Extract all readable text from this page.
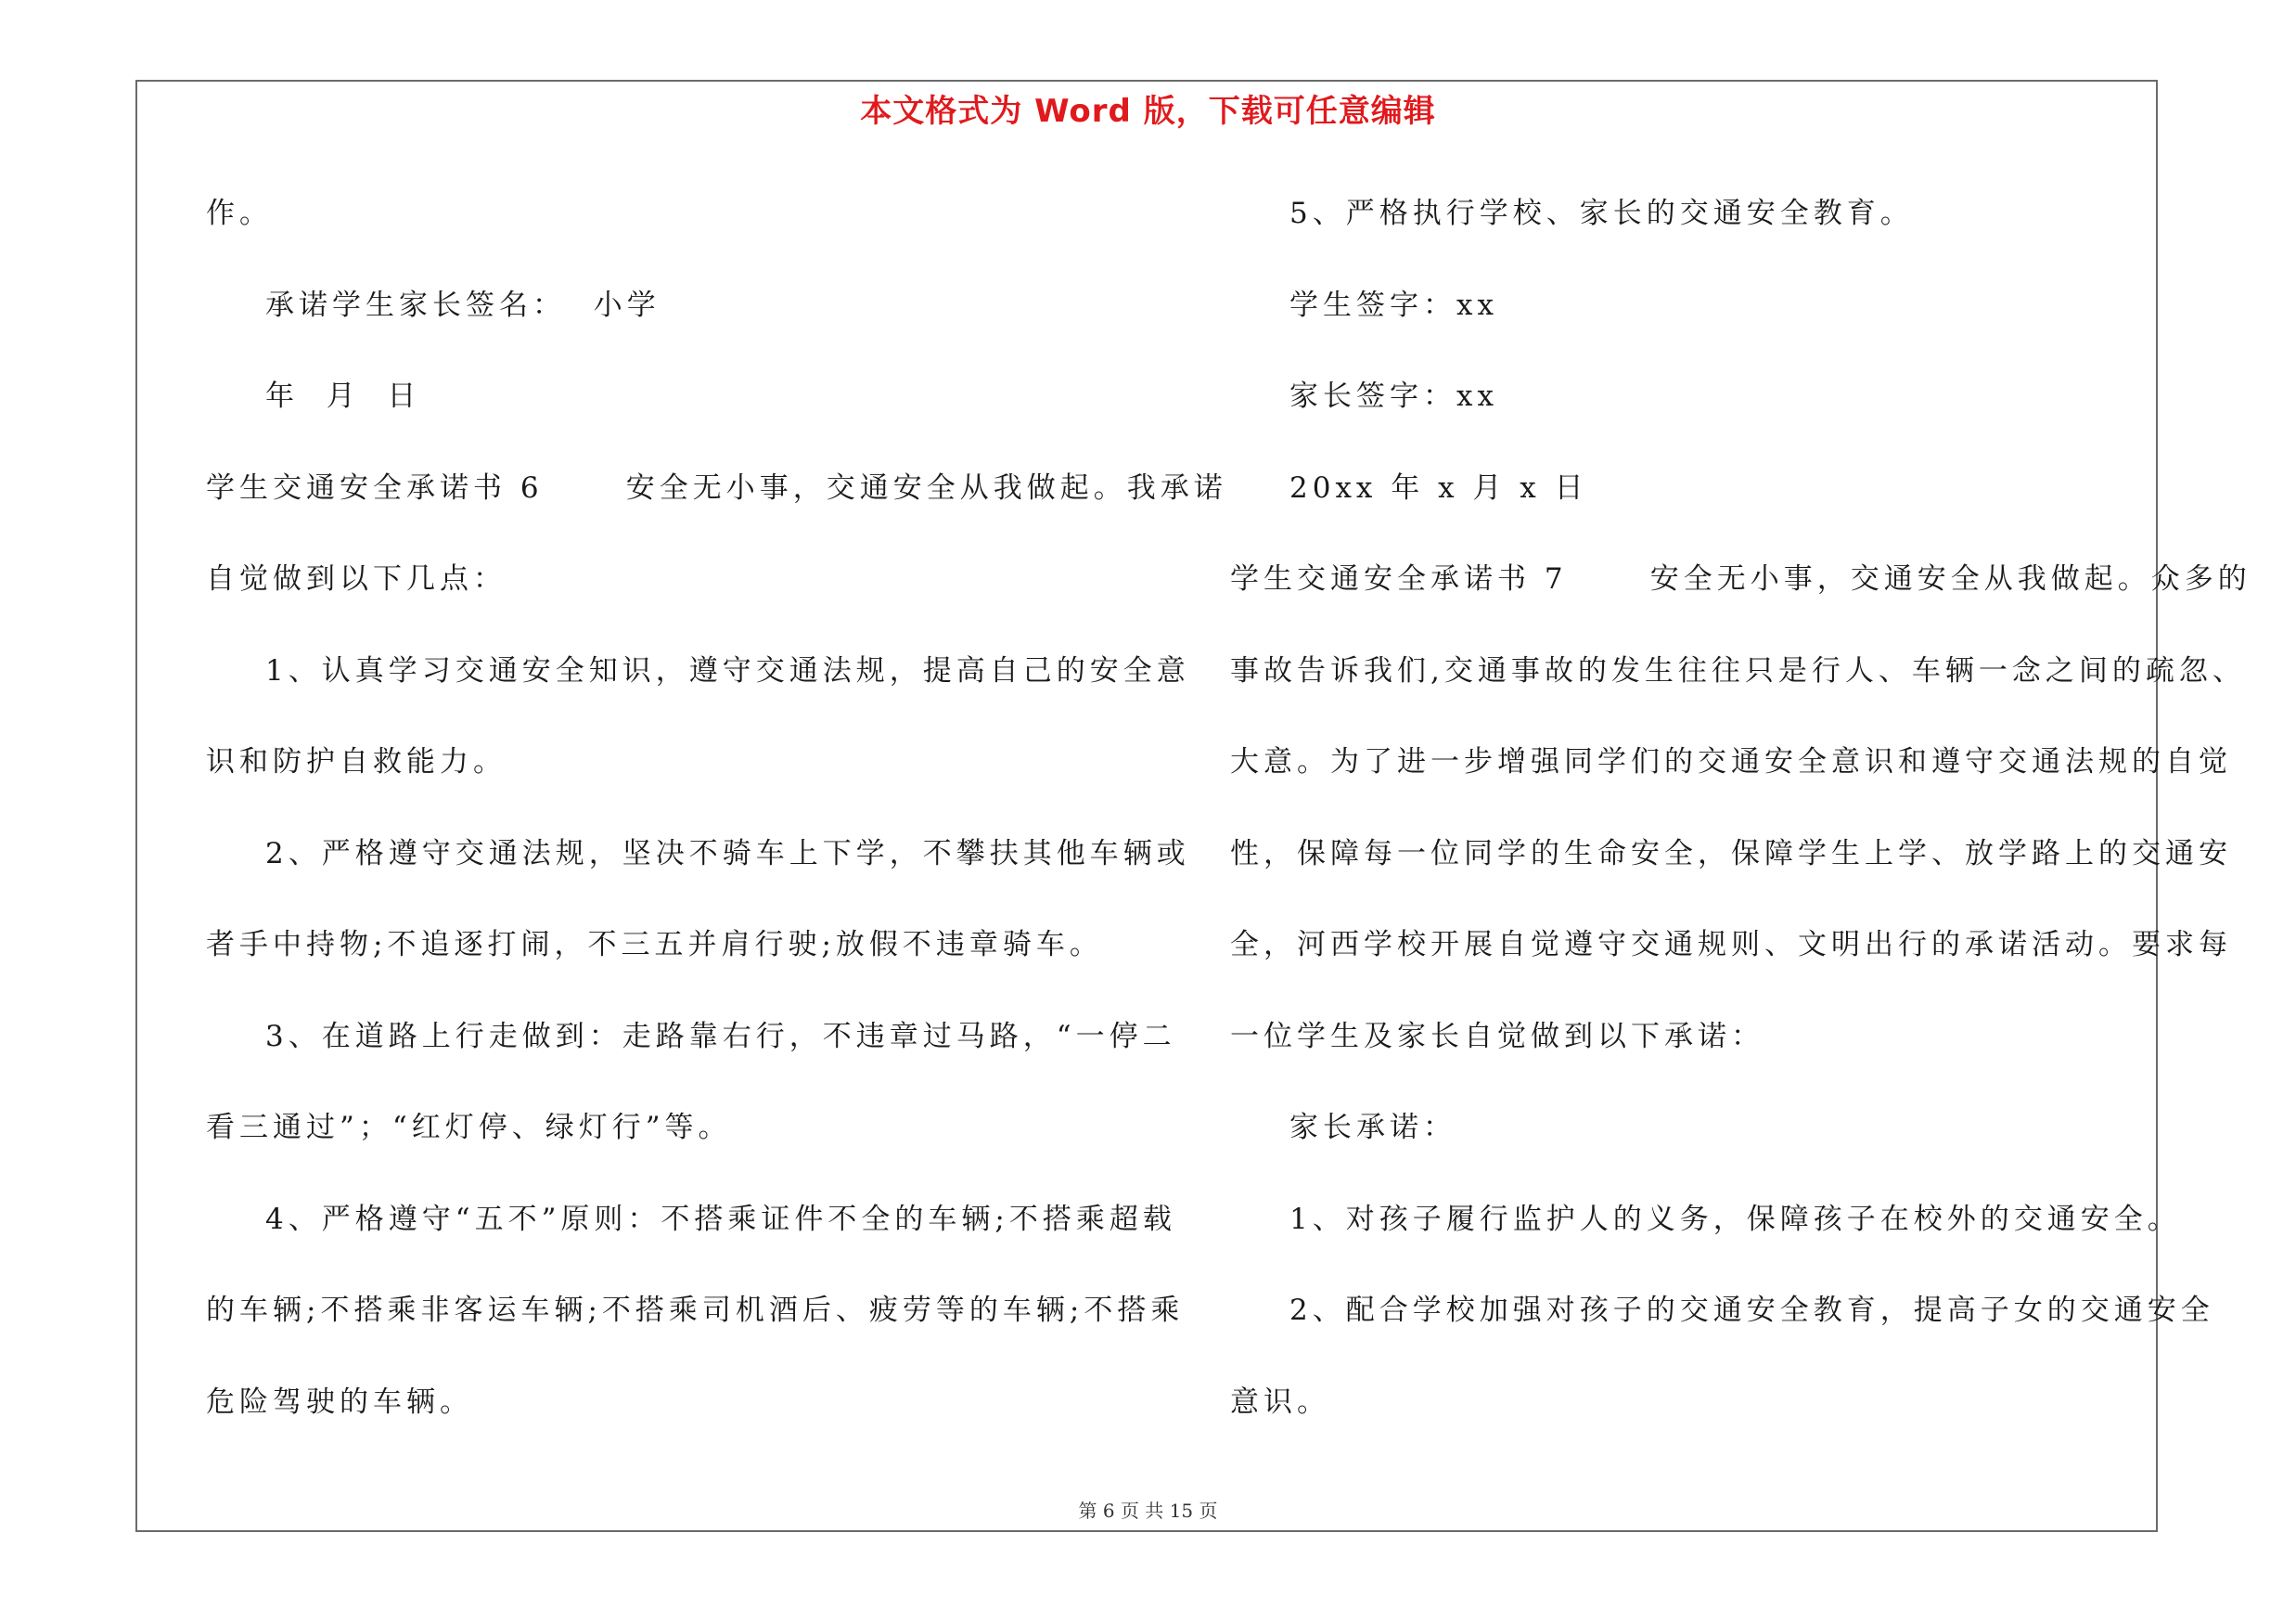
本文格式为 Word 版，下载可任意编辑
作。
承诺学生家长签名：  小学
年  月  日
学生交通安全承诺书 6      安全无小事，交通安全从我做起。我承诺
自觉做到以下几点：
1、认真学习交通安全知识，遵守交通法规，提高自己的安全意
识和防护自救能力。
2、严格遵守交通法规，坚决不骑车上下学，不攀扶其他车辆或
者手中持物;不追逐打闹，不三五并肩行驶;放假不违章骑车。
3、在道路上行走做到：走路靠右行，不违章过马路，“一停二
看三通过”；“红灯停、绿灯行”等。
4、严格遵守“五不”原则：不搭乘证件不全的车辆;不搭乘超载
的车辆;不搭乘非客运车辆;不搭乘司机酒后、疲劳等的车辆;不搭乘
危险驾驶的车辆。
5、严格执行学校、家长的交通安全教育。
学生签字：xx
家长签字：xx
20xx 年 x 月 x 日
学生交通安全承诺书 7      安全无小事，交通安全从我做起。众多的
事故告诉我们,交通事故的发生往往只是行人、车辆一念之间的疏忽、
大意。为了进一步增强同学们的交通安全意识和遵守交通法规的自觉
性，保障每一位同学的生命安全，保障学生上学、放学路上的交通安
全，河西学校开展自觉遵守交通规则、文明出行的承诺活动。要求每
一位学生及家长自觉做到以下承诺：
家长承诺：
1、对孩子履行监护人的义务，保障孩子在校外的交通安全。
2、配合学校加强对孩子的交通安全教育，提高子女的交通安全
意识。
第 6 页 共 15 页
